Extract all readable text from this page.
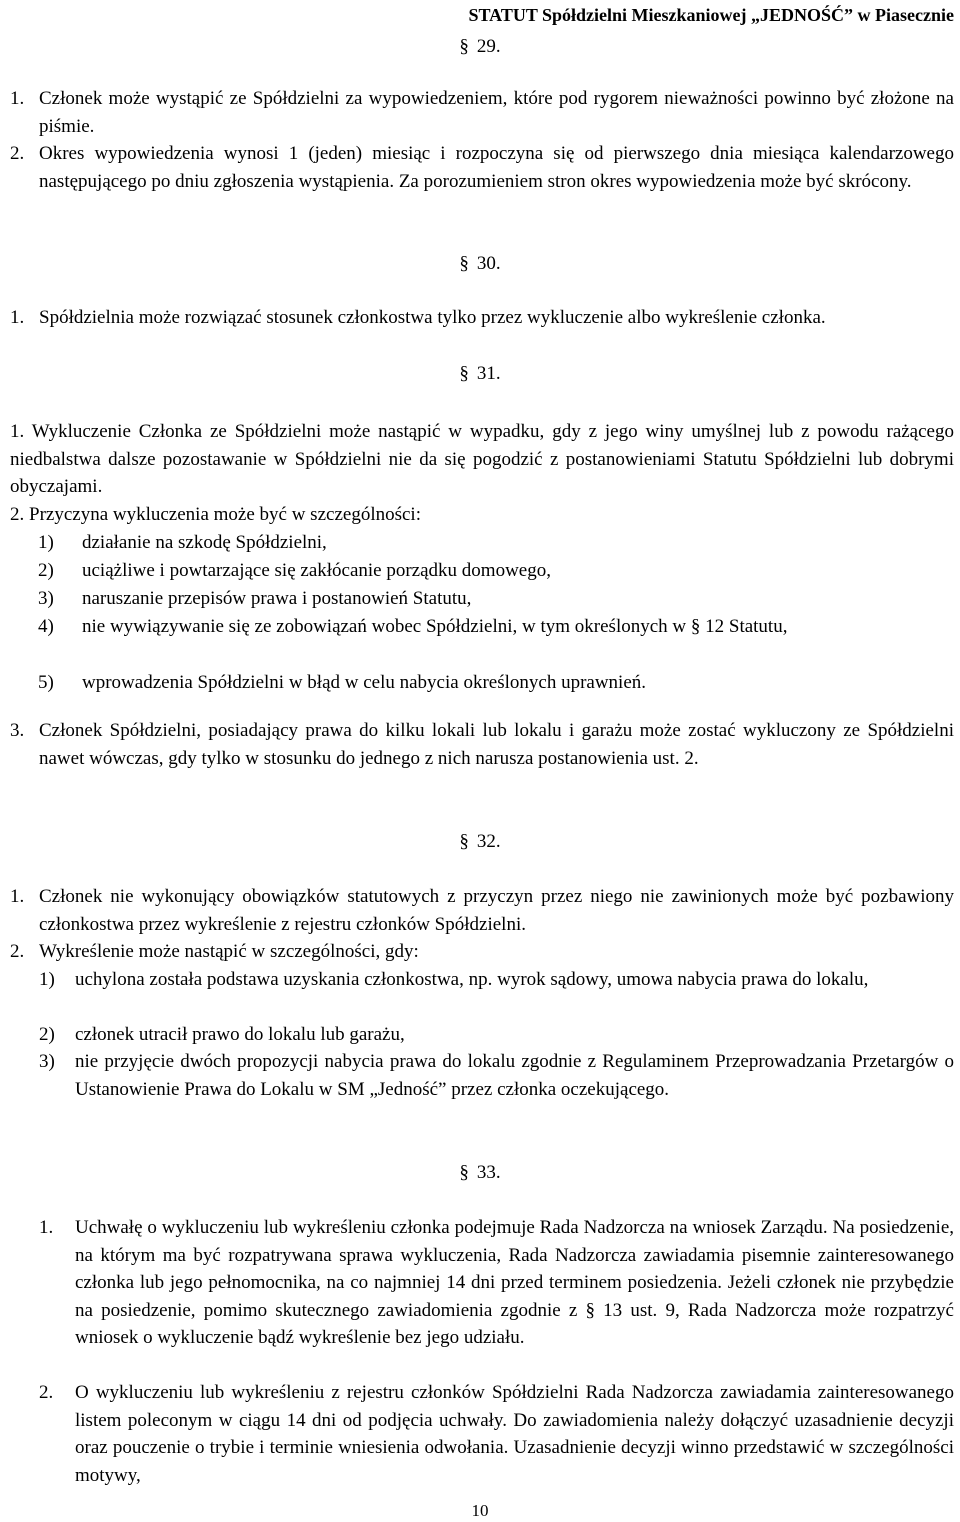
STATUT Spółdzielni Mieszkaniowej „JEDNOŚĆ” w Piasecznie
§ 29.
1. Członek może wystąpić ze Spółdzielni za wypowiedzeniem, które pod rygorem nieważności powinno być złożone na piśmie.
2. Okres wypowiedzenia wynosi 1 (jeden) miesiąc i rozpoczyna się od pierwszego dnia miesiąca kalendarzowego następującego po dniu zgłoszenia wystąpienia. Za porozumieniem stron okres wypowiedzenia może być skrócony.
§ 30.
1. Spółdzielnia może rozwiązać stosunek członkostwa tylko przez wykluczenie albo wykreślenie członka.
§ 31.
1. Wykluczenie Członka ze Spółdzielni może nastąpić w wypadku, gdy z jego winy umyślnej lub z powodu rażącego niedbalstwa dalsze pozostawanie w Spółdzielni nie da się pogodzić z postanowieniami Statutu Spółdzielni lub dobrymi obyczajami.
2. Przyczyna wykluczenia może być w szczególności:
1) działanie na szkodę Spółdzielni,
2) uciążliwe i powtarzające się zakłócanie porządku domowego,
3) naruszanie przepisów prawa i postanowień Statutu,
4) nie wywiązywanie się ze zobowiązań wobec Spółdzielni, w tym określonych w § 12 Statutu,
5) wprowadzenia Spółdzielni w błąd w celu nabycia określonych uprawnień.
3. Członek Spółdzielni, posiadający prawa do kilku lokali lub lokalu i garażu może zostać wykluczony ze Spółdzielni nawet wówczas, gdy tylko w stosunku do jednego z nich narusza postanowienia ust. 2.
§ 32.
1. Członek nie wykonujący obowiązków statutowych z przyczyn przez niego nie zawinionych może być pozbawiony członkostwa przez wykreślenie z rejestru członków Spółdzielni.
2. Wykreślenie może nastąpić w szczególności, gdy:
1) uchylona została podstawa uzyskania członkostwa, np. wyrok sądowy, umowa nabycia prawa do lokalu,
2) członek utracił prawo do lokalu lub garażu,
3) nie przyjęcie dwóch propozycji nabycia prawa do lokalu zgodnie z Regulaminem Przeprowadzania Przetargów o Ustanowienie Prawa do Lokalu w SM „Jedność” przez członka oczekującego.
§ 33.
1. Uchwałę o wykluczeniu lub wykreśleniu członka podejmuje Rada Nadzorcza na wniosek Zarządu. Na posiedzenie, na którym ma być rozpatrywana sprawa wykluczenia, Rada Nadzorcza zawiadamia pisemnie zainteresowanego członka lub jego pełnomocnika, na co najmniej 14 dni przed terminem posiedzenia. Jeżeli członek nie przybędzie na posiedzenie, pomimo skutecznego zawiadomienia zgodnie z § 13 ust. 9, Rada Nadzorcza może rozpatrzyć wniosek o wykluczenie bądź wykreślenie bez jego udziału.
2. O wykluczeniu lub wykreśleniu z rejestru członków Spółdzielni Rada Nadzorcza zawiadamia zainteresowanego listem poleconym w ciągu 14 dni od podjęcia uchwały. Do zawiadomienia należy dołączyć uzasadnienie decyzji oraz pouczenie o trybie i terminie wniesienia odwołania. Uzasadnienie decyzji winno przedstawić w szczególności motywy,
10
